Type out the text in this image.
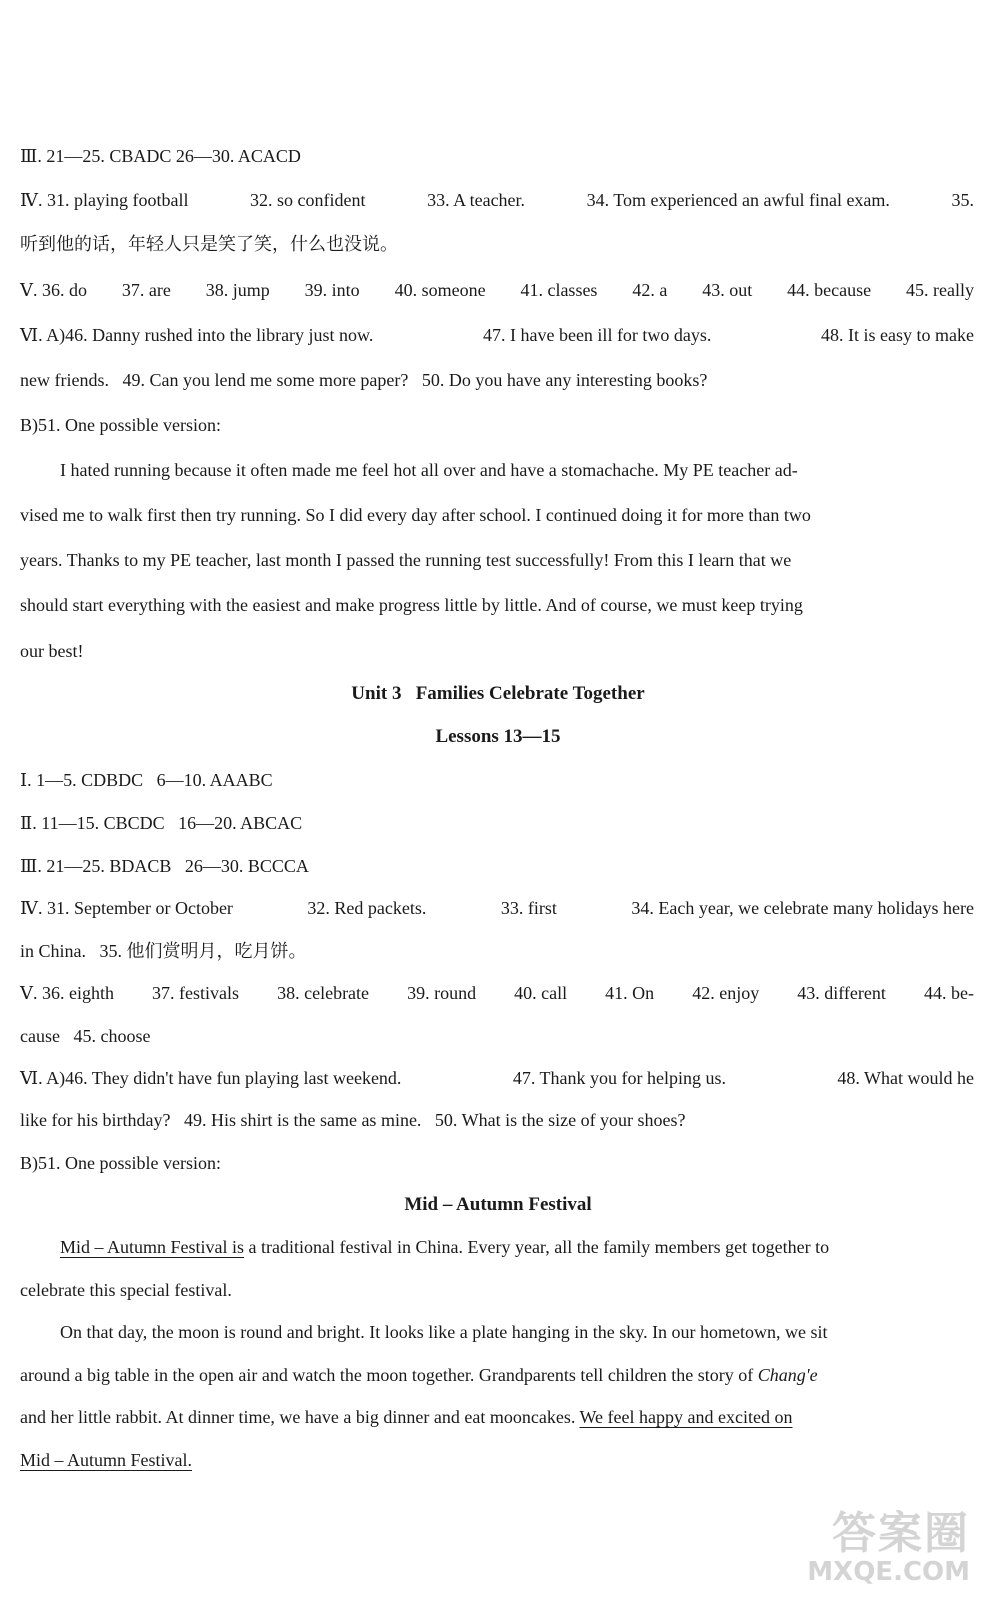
Ⅲ. 21—25. CBADC 26—30. ACACD
Ⅳ. 31. playing football	32. so confident	33. A teacher.	34. Tom experienced an awful final exam.	35.
听到他的话，年轻人只是笑了笑，什么也没说。
Ⅴ. 36. do 37. are 38. jump 39. into 40. someone 41. classes 42. a 43. out 44. because 45. really
Ⅵ. A)46. Danny rushed into the library just now.	47. I have been ill for two days.	48. It is easy to make
new friends.   49. Can you lend me some more paper?   50. Do you have any interesting books?
B)51. One possible version:
I hated running because it often made me feel hot all over and have a stomachache. My PE teacher ad-
vised me to walk first then try running. So I did every day after school. I continued doing it for more than two
years. Thanks to my PE teacher, last month I passed the running test successfully! From this I learn that we
should start everything with the easiest and make progress little by little. And of course, we must keep trying
our best!
Unit 3   Families Celebrate Together
Lessons 13—15
Ⅰ. 1—5. CDBDC   6—10. AAABC
Ⅱ. 11—15. CBCDC   16—20. ABCAC
Ⅲ. 21—25. BDACB   26—30. BCCCA
Ⅳ. 31. September or October	32. Red packets.	33. first	34. Each year, we celebrate many holidays here
in China.   35. 他们赏明月，吃月饼。
Ⅴ. 36. eighth 37. festivals 38. celebrate 39. round 40. call 41. On 42. enjoy 43. different 44. be-
cause   45. choose
Ⅵ. A)46. They didn't have fun playing last weekend.	47. Thank you for helping us.	48. What would he
like for his birthday?   49. His shirt is the same as mine.   50. What is the size of your shoes?
B)51. One possible version:
Mid – Autumn Festival
Mid – Autumn Festival is a traditional festival in China. Every year, all the family members get together to
celebrate this special festival.
On that day, the moon is round and bright. It looks like a plate hanging in the sky. In our hometown, we sit
around a big table in the open air and watch the moon together. Grandparents tell children the story of Chang'e
and her little rabbit. At dinner time, we have a big dinner and eat mooncakes. We feel happy and excited on
Mid – Autumn Festival.
答案圈
MXQE.COM
